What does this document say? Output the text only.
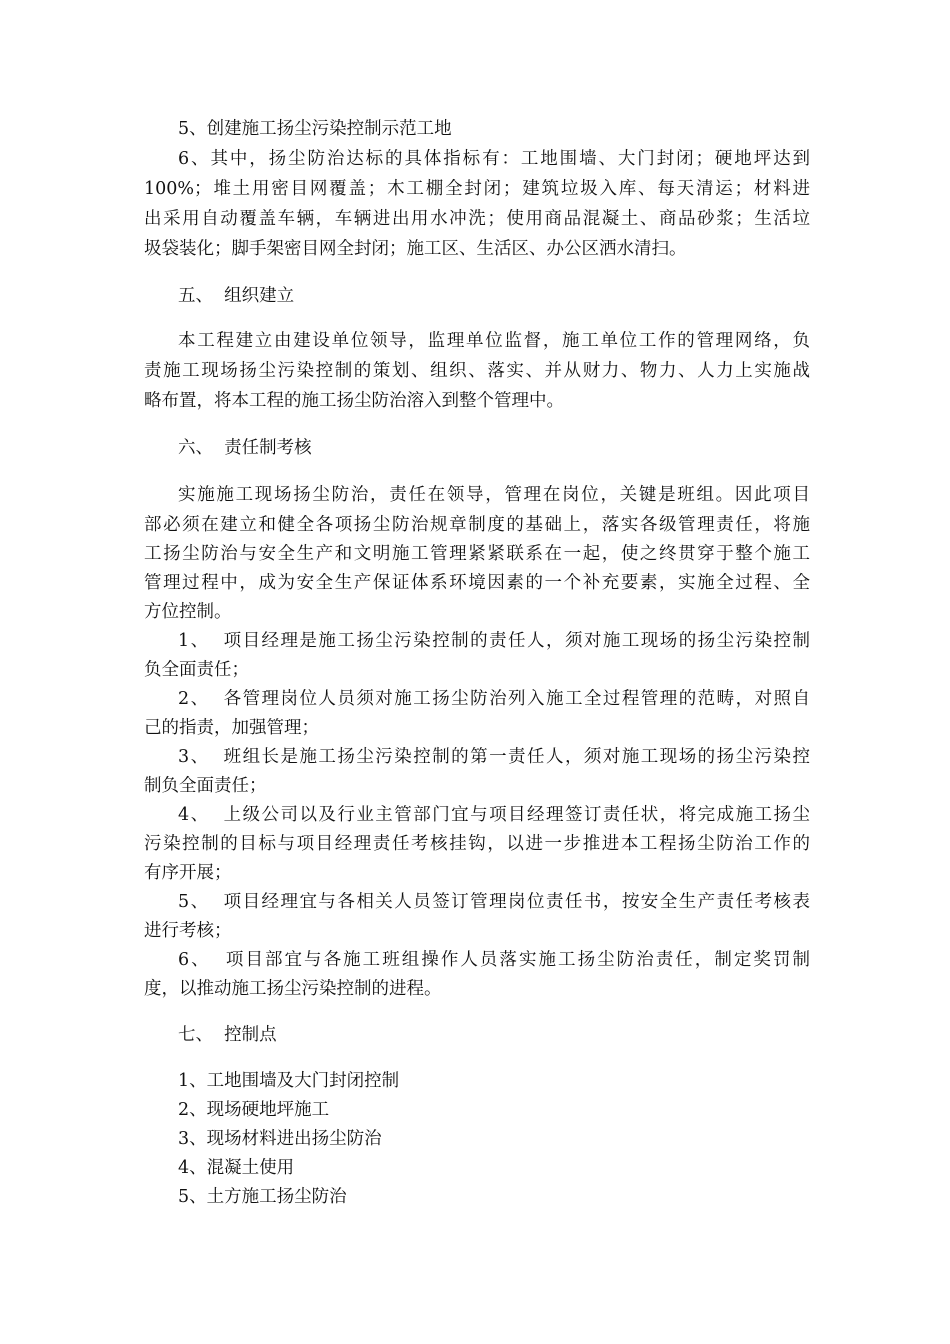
5、创建施工扬尘污染控制示范工地
6、其中，扬尘防治达标的具体指标有：工地围墙、大门封闭；硬地坪达到
100%；堆土用密目网覆盖；木工棚全封闭；建筑垃圾入库、每天清运；材料进
出采用自动覆盖车辆，车辆进出用水冲洗；使用商品混凝土、商品砂浆；生活垃
圾袋装化；脚手架密目网全封闭；施工区、生活区、办公区洒水清扫。
五、  组织建立
本工程建立由建设单位领导，监理单位监督，施工单位工作的管理网络，负
责施工现场扬尘污染控制的策划、组织、落实、并从财力、物力、人力上实施战
略布置，将本工程的施工扬尘防治溶入到整个管理中。
六、  责任制考核
实施施工现场扬尘防治，责任在领导，管理在岗位，关键是班组。因此项目
部必须在建立和健全各项扬尘防治规章制度的基础上，落实各级管理责任，将施
工扬尘防治与安全生产和文明施工管理紧紧联系在一起，使之终贯穿于整个施工
管理过程中，成为安全生产保证体系环境因素的一个补充要素，实施全过程、全
方位控制。
1、  项目经理是施工扬尘污染控制的责任人，须对施工现场的扬尘污染控制
负全面责任；
2、  各管理岗位人员须对施工扬尘防治列入施工全过程管理的范畴，对照自
己的指责，加强管理；
3、  班组长是施工扬尘污染控制的第一责任人，须对施工现场的扬尘污染控
制负全面责任；
4、  上级公司以及行业主管部门宜与项目经理签订责任状，将完成施工扬尘
污染控制的目标与项目经理责任考核挂钩，以进一步推进本工程扬尘防治工作的
有序开展；
5、  项目经理宜与各相关人员签订管理岗位责任书，按安全生产责任考核表
进行考核；
6、  项目部宜与各施工班组操作人员落实施工扬尘防治责任，制定奖罚制
度，以推动施工扬尘污染控制的进程。
七、  控制点
1、工地围墙及大门封闭控制
2、现场硬地坪施工
3、现场材料进出扬尘防治
4、混凝土使用
5、土方施工扬尘防治
